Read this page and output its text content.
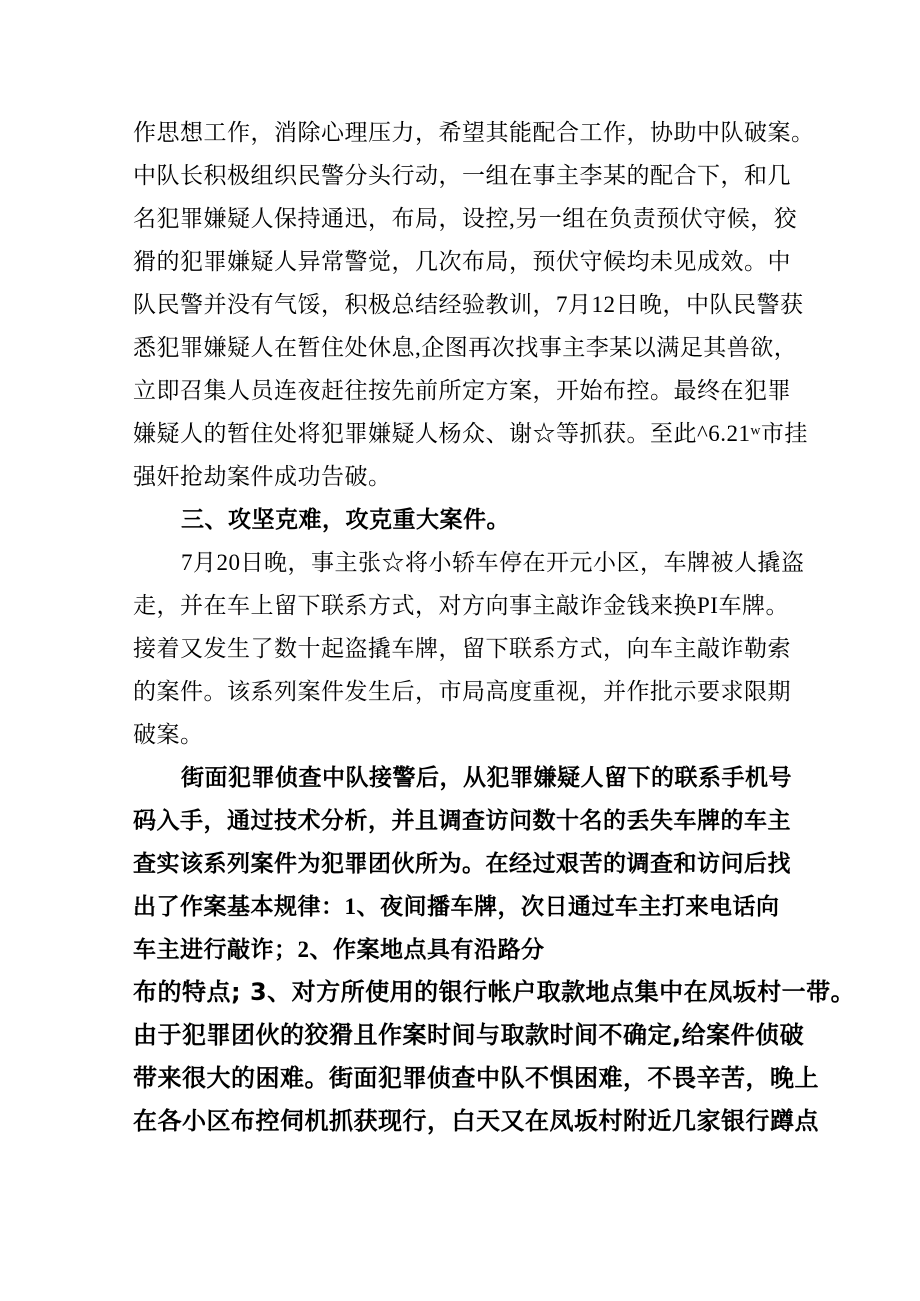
作思想工作，消除心理压力，希望其能配合工作，协助中队破案。
中队长积极组织民警分头行动，一组在事主李某的配合下，和几
名犯罪嫌疑人保持通迅，布局，设控,另一组在负责预伏守候，狡
猾的犯罪嫌疑人异常警觉，几次布局，预伏守候均未见成效。中
队民警并没有气馁，积极总结经验教训，7月12日晚，中队民警获
悉犯罪嫌疑人在暂住处休息,企图再次找事主李某以满足其兽欲，
立即召集人员连夜赶往按先前所定方案，开始布控。最终在犯罪
嫌疑人的暂住处将犯罪嫌疑人杨众、谢☆等抓获。至此^6.21ʷ市挂
强奸抢劫案件成功告破。
三、攻坚克难，攻克重大案件。
7月20日晚，事主张☆将小轿车停在开元小区，车牌被人撬盗
走，并在车上留下联系方式，对方向事主敲诈金钱来换PI车牌。
接着又发生了数十起盗撬车牌，留下联系方式，向车主敲诈勒索
的案件。该系列案件发生后，市局高度重视，并作批示要求限期
破案。
街面犯罪侦查中队接警后，从犯罪嫌疑人留下的联系手机号
码入手，通过技术分析，并且调查访问数十名的丢失车牌的车主
查实该系列案件为犯罪团伙所为。在经过艰苦的调查和访问后找
出了作案基本规律：1、夜间播车牌，次日通过车主打来电话向
车主进行敲诈；2、作案地点具有沿路分
布的特点; 3、对方所使用的银行帐户取款地点集中在凤坂村一带。
由于犯罪团伙的狡猾且作案时间与取款时间不确定,给案件侦破
带来很大的困难。街面犯罪侦查中队不惧困难，不畏辛苦，晚上
在各小区布控伺机抓获现行，白天又在凤坂村附近几家银行蹲点
